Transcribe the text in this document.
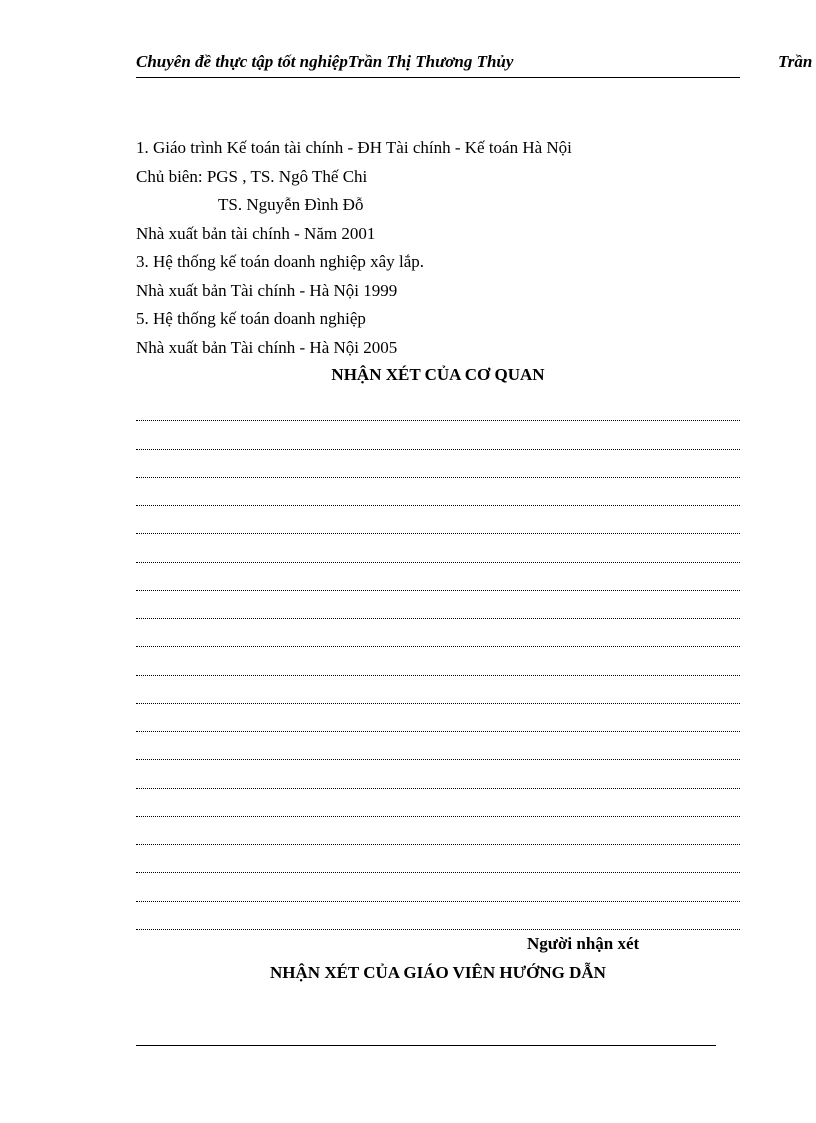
Chuyên đề thực tập tốt nghiệpTrần Thị Thương Thủy	Trần
1. Giáo trình Kế toán tài chính - ĐH Tài chính - Kế toán Hà Nội
Chủ biên: PGS , TS. Ngô Thế Chi
TS. Nguyễn Đình Đỗ
Nhà xuất bản tài chính - Năm 2001
3. Hệ thống kế toán doanh nghiệp xây lắp.
Nhà xuất bản Tài chính - Hà Nội 1999
5. Hệ thống kế toán doanh nghiệp
Nhà xuất bản Tài chính - Hà Nội 2005
NHẬN XÉT CỦA CƠ QUAN
Người nhận xét
NHẬN XÉT CỦA GIÁO VIÊN HƯỚNG DẪN
